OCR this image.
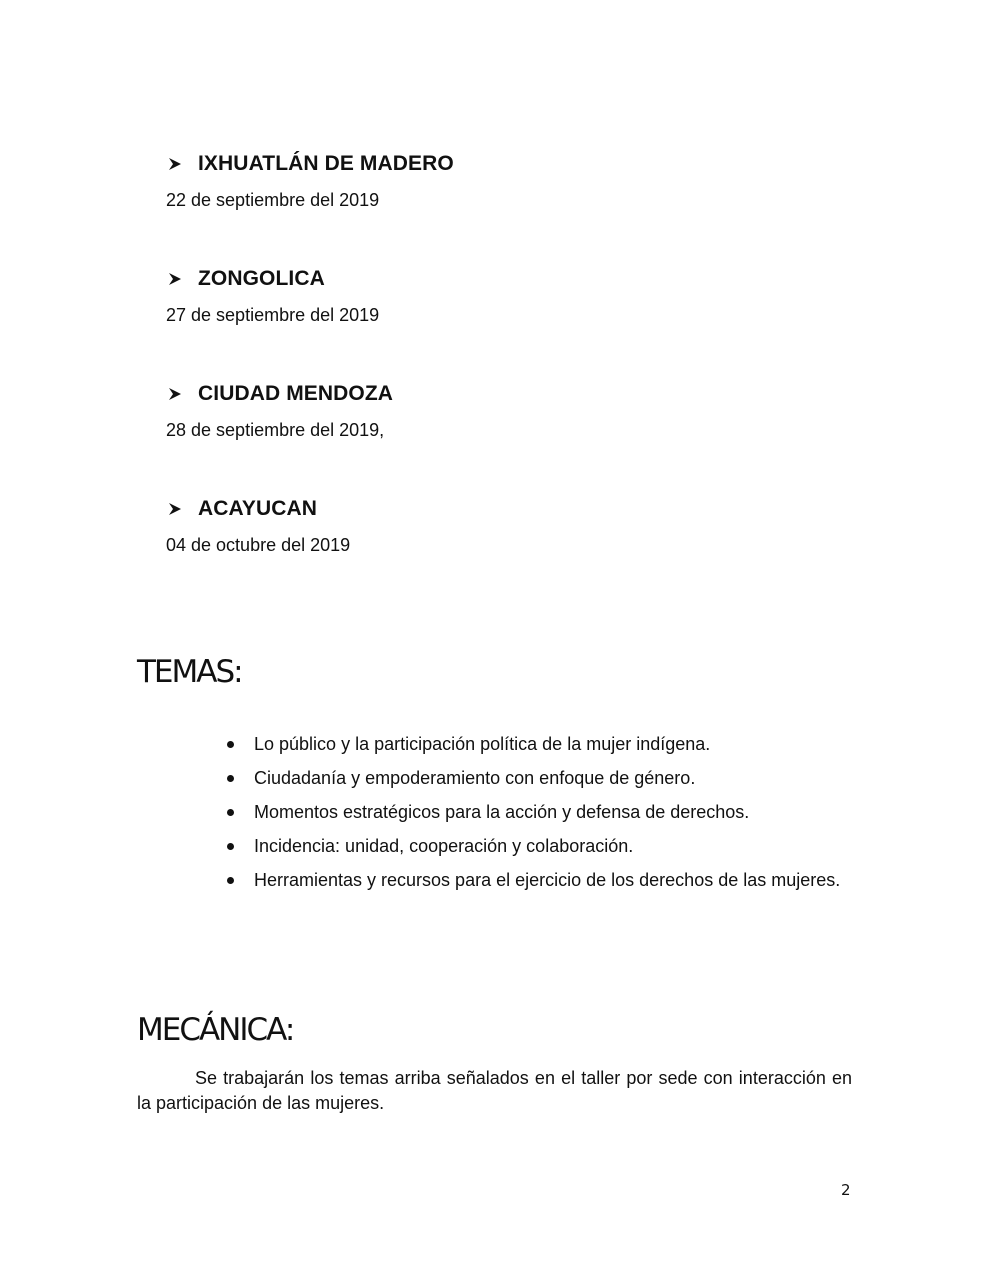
IXHUATLÁN DE MADERO
22 de septiembre del 2019
ZONGOLICA
27 de septiembre del 2019
CIUDAD MENDOZA
28 de septiembre del 2019,
ACAYUCAN
04 de octubre del 2019
TEMAS:
Lo público y la participación política de la mujer indígena.
Ciudadanía y empoderamiento con enfoque de género.
Momentos estratégicos para la acción y defensa de derechos.
Incidencia: unidad, cooperación y colaboración.
Herramientas y recursos para el ejercicio de los derechos de las mujeres.
MECÁNICA:
Se trabajarán los temas arriba señalados en el taller por sede con interacción en la participación de las mujeres.
2
